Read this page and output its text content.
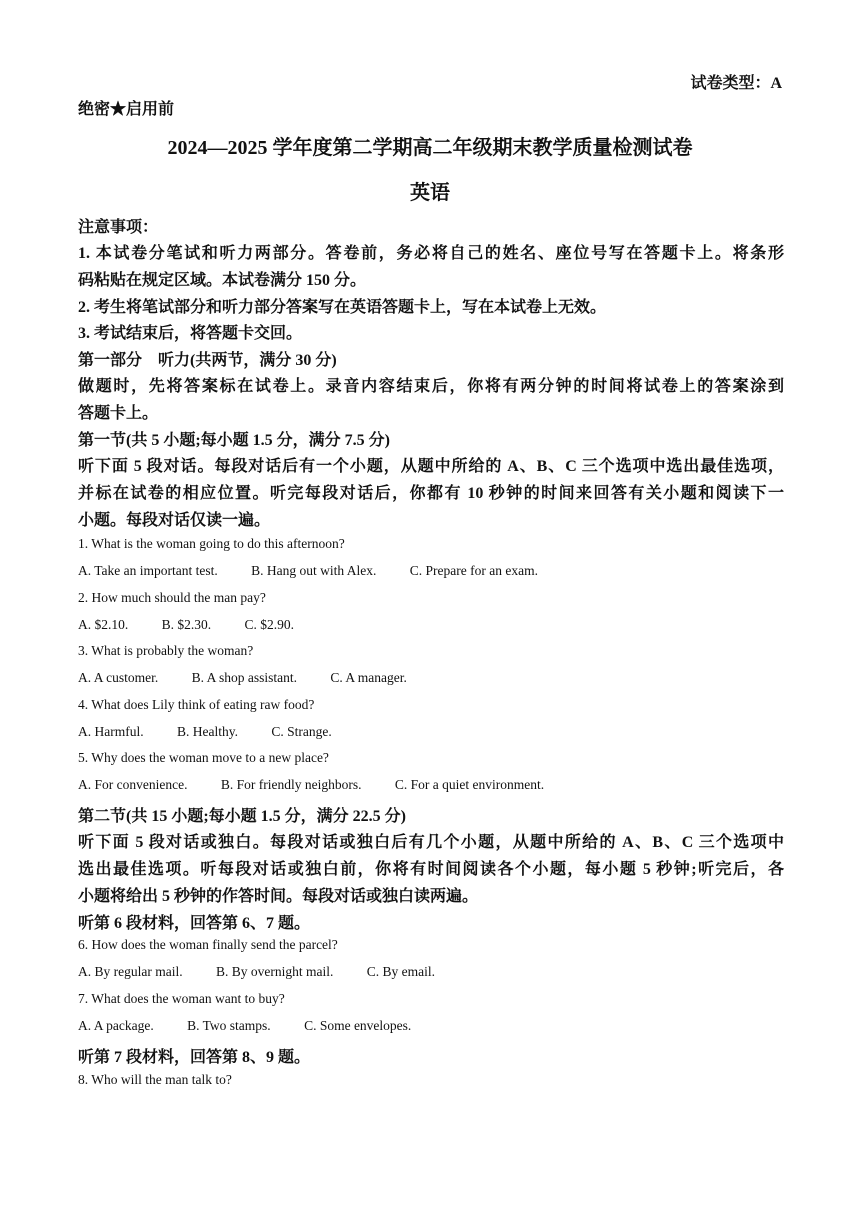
试卷类型：A
绝密★启用前
2024—2025 学年度第二学期高二年级期末教学质量检测试卷
英语
注意事项：
1. 本试卷分笔试和听力两部分。答卷前，务必将自己的姓名、座位号写在答题卡上。将条形
码粘贴在规定区域。本试卷满分 150 分。
2. 考生将笔试部分和听力部分答案写在英语答题卡上，写在本试卷上无效。
3. 考试结束后，将答题卡交回。
第一部分　听力(共两节，满分 30 分)
做题时，先将答案标在试卷上。录音内容结束后，你将有两分钟的时间将试卷上的答案涂到
答题卡上。
第一节(共 5 小题;每小题 1.5 分，满分 7.5 分)
听下面 5 段对话。每段对话后有一个小题，从题中所给的 A、B、C 三个选项中选出最佳选项，
并标在试卷的相应位置。听完每段对话后，你都有 10 秒钟的时间来回答有关小题和阅读下一
小题。每段对话仅读一遍。
1. What is the woman going to do this afternoon?
A. Take an important test. B. Hang out with Alex. C. Prepare for an exam.
2. How much should the man pay?
A. $2.10. B. $2.30. C. $2.90.
3. What is probably the woman?
A. A customer. B. A shop assistant. C. A manager.
4. What does Lily think of eating raw food?
A. Harmful. B. Healthy. C. Strange.
5. Why does the woman move to a new place?
A. For convenience. B. For friendly neighbors. C. For a quiet environment.
第二节(共 15 小题;每小题 1.5 分，满分 22.5 分)
听下面 5 段对话或独白。每段对话或独白后有几个小题，从题中所给的 A、B、C 三个选项中
选出最佳选项。听每段对话或独白前，你将有时间阅读各个小题，每小题 5 秒钟;听完后，各
小题将给出 5 秒钟的作答时间。每段对话或独白读两遍。
听第 6 段材料，回答第 6、7 题。
6. How does the woman finally send the parcel?
A. By regular mail. B. By overnight mail. C. By email.
7. What does the woman want to buy?
A. A package. B. Two stamps. C. Some envelopes.
听第 7 段材料，回答第 8、9 题。
8. Who will the man talk to?
